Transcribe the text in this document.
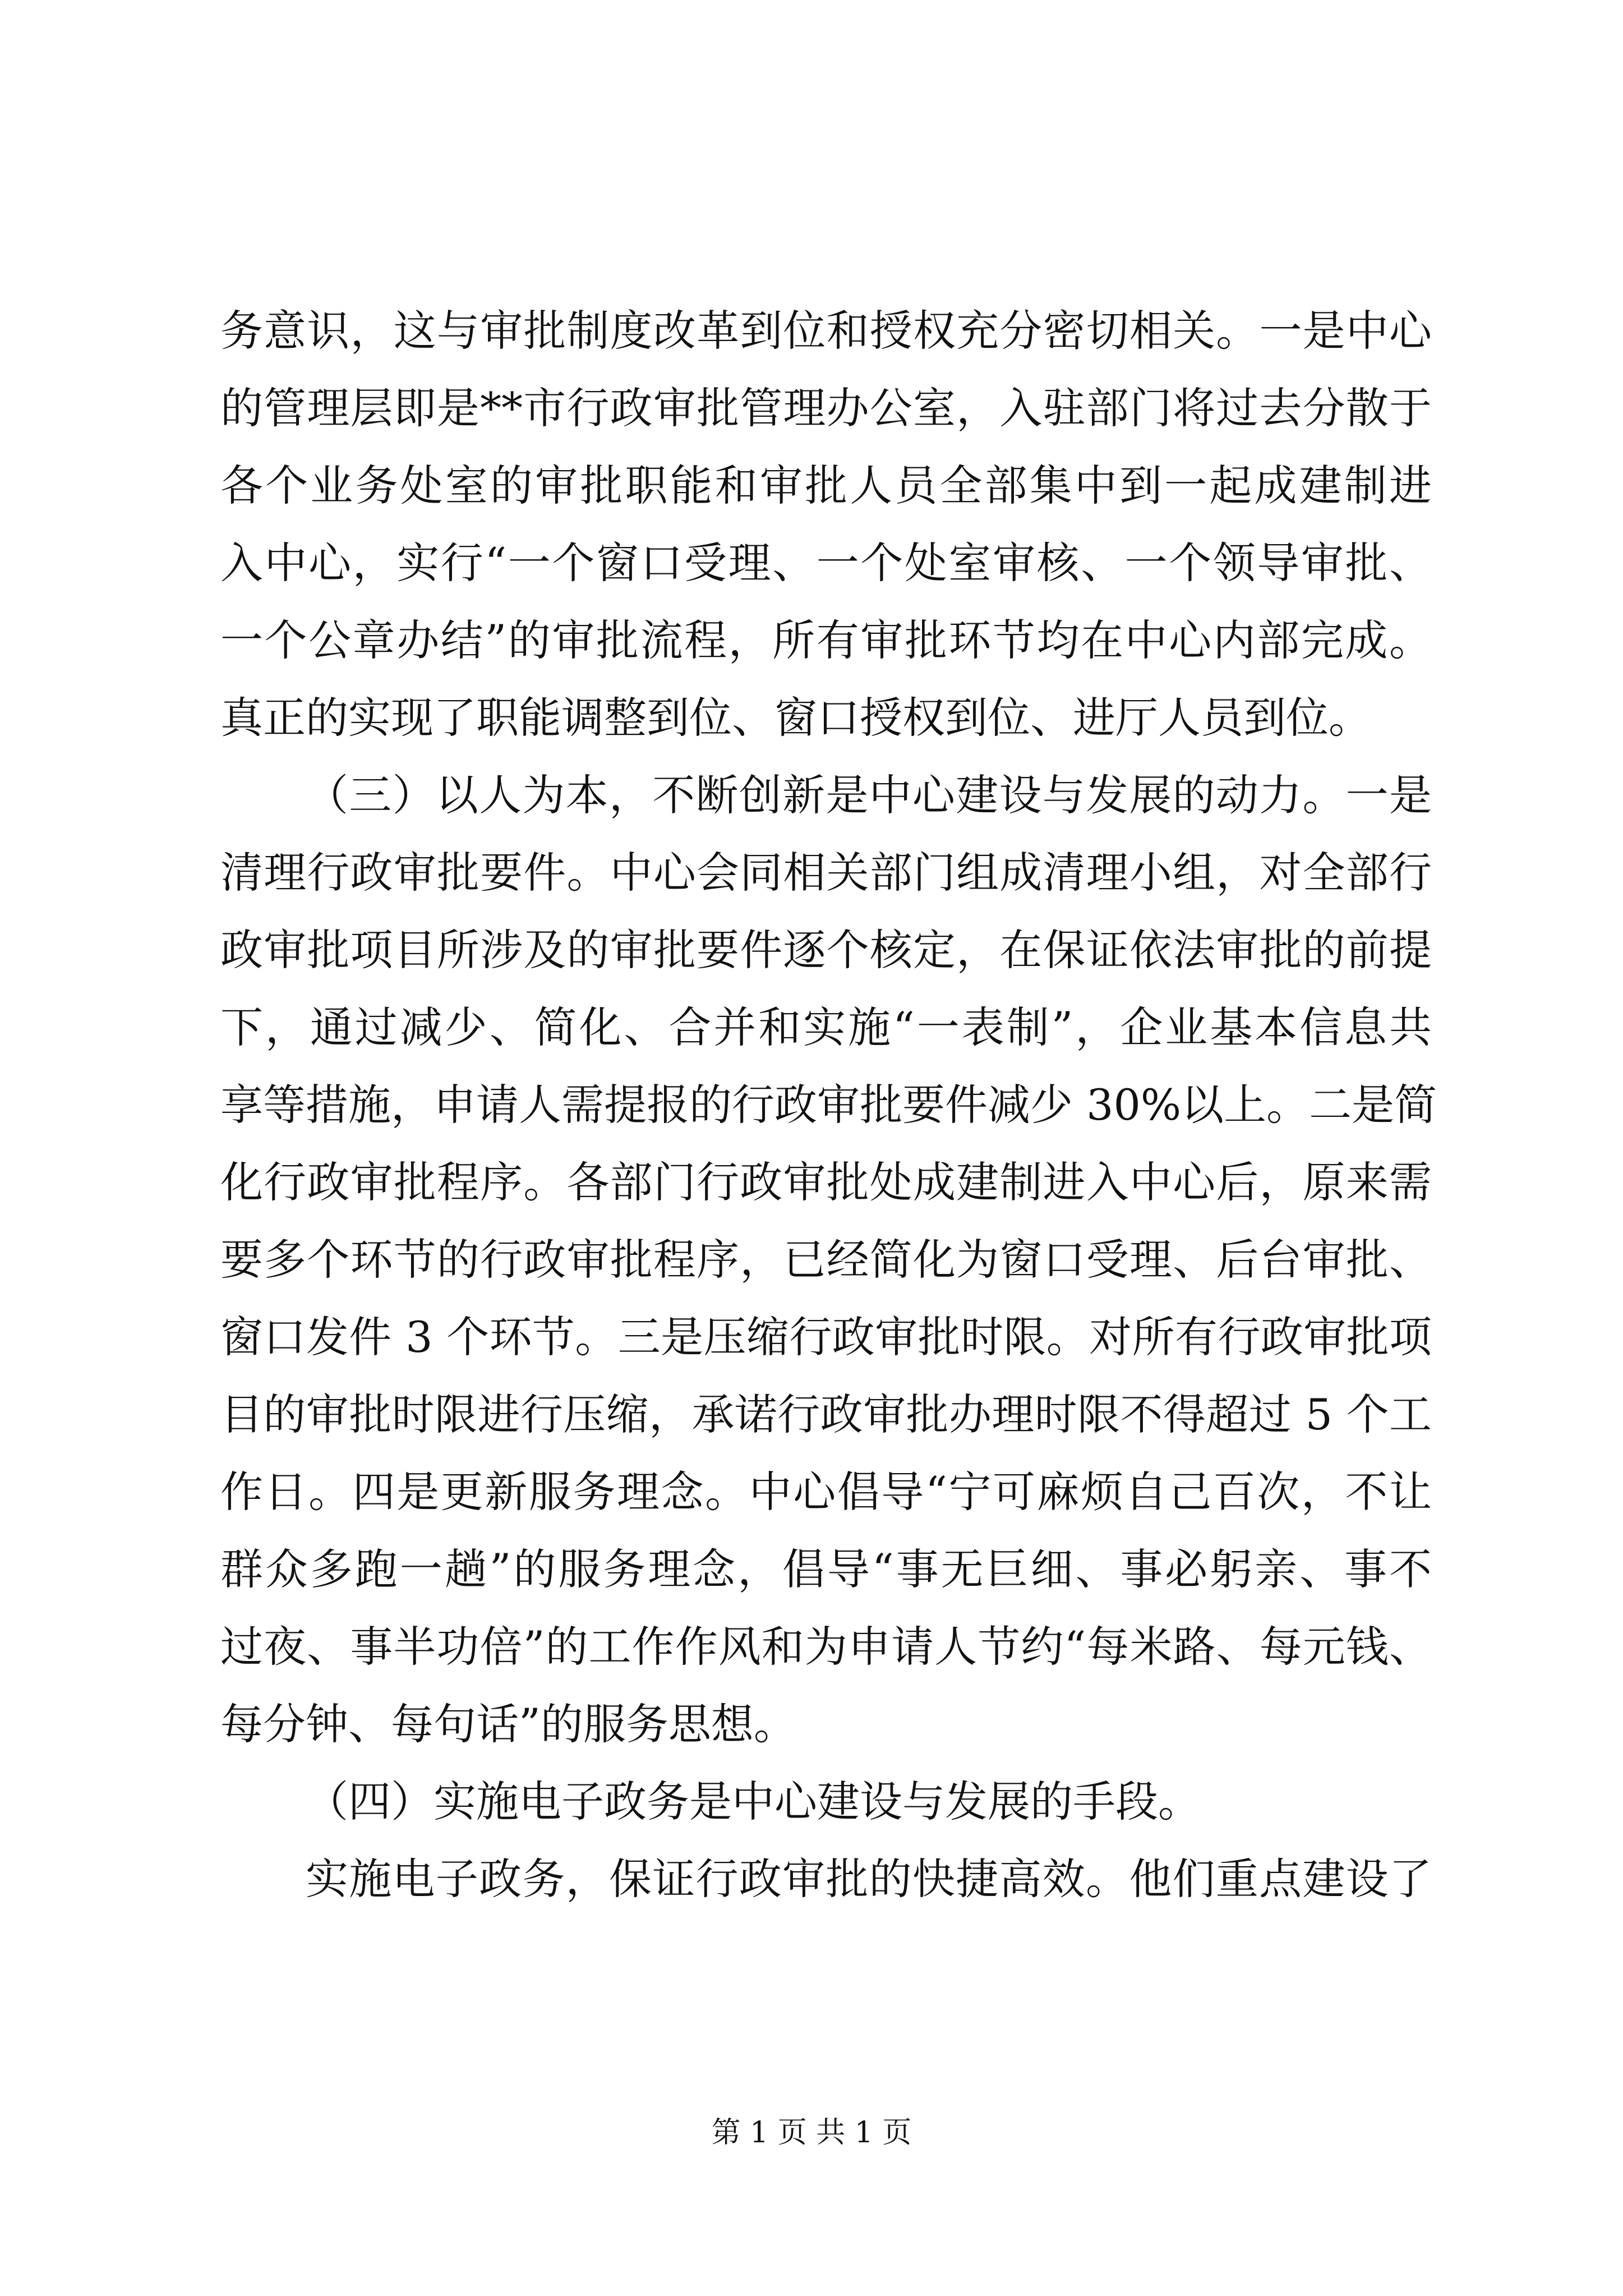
务意识，这与审批制度改革到位和授权充分密切相关。一是中心
的管理层即是**市行政审批管理办公室，入驻部门将过去分散于
各个业务处室的审批职能和审批人员全部集中到一起成建制进
入中心，实行“一个窗口受理、一个处室审核、一个领导审批、
一个公章办结”的审批流程，所有审批环节均在中心内部完成。
真正的实现了职能调整到位、窗口授权到位、进厅人员到位。
（三）以人为本，不断创新是中心建设与发展的动力。一是
清理行政审批要件。中心会同相关部门组成清理小组，对全部行
政审批项目所涉及的审批要件逐个核定，在保证依法审批的前提
下，通过减少、简化、合并和实施“一表制”，企业基本信息共
享等措施，申请人需提报的行政审批要件减少 30%以上。二是简
化行政审批程序。各部门行政审批处成建制进入中心后，原来需
要多个环节的行政审批程序，已经简化为窗口受理、后台审批、
窗口发件 3 个环节。三是压缩行政审批时限。对所有行政审批项
目的审批时限进行压缩，承诺行政审批办理时限不得超过 5 个工
作日。四是更新服务理念。中心倡导“宁可麻烦自己百次，不让
群众多跑一趟”的服务理念，倡导“事无巨细、事必躬亲、事不
过夜、事半功倍”的工作作风和为申请人节约“每米路、每元钱、
每分钟、每句话”的服务思想。
（四）实施电子政务是中心建设与发展的手段。
实施电子政务，保证行政审批的快捷高效。他们重点建设了
第 1 页 共 1 页
